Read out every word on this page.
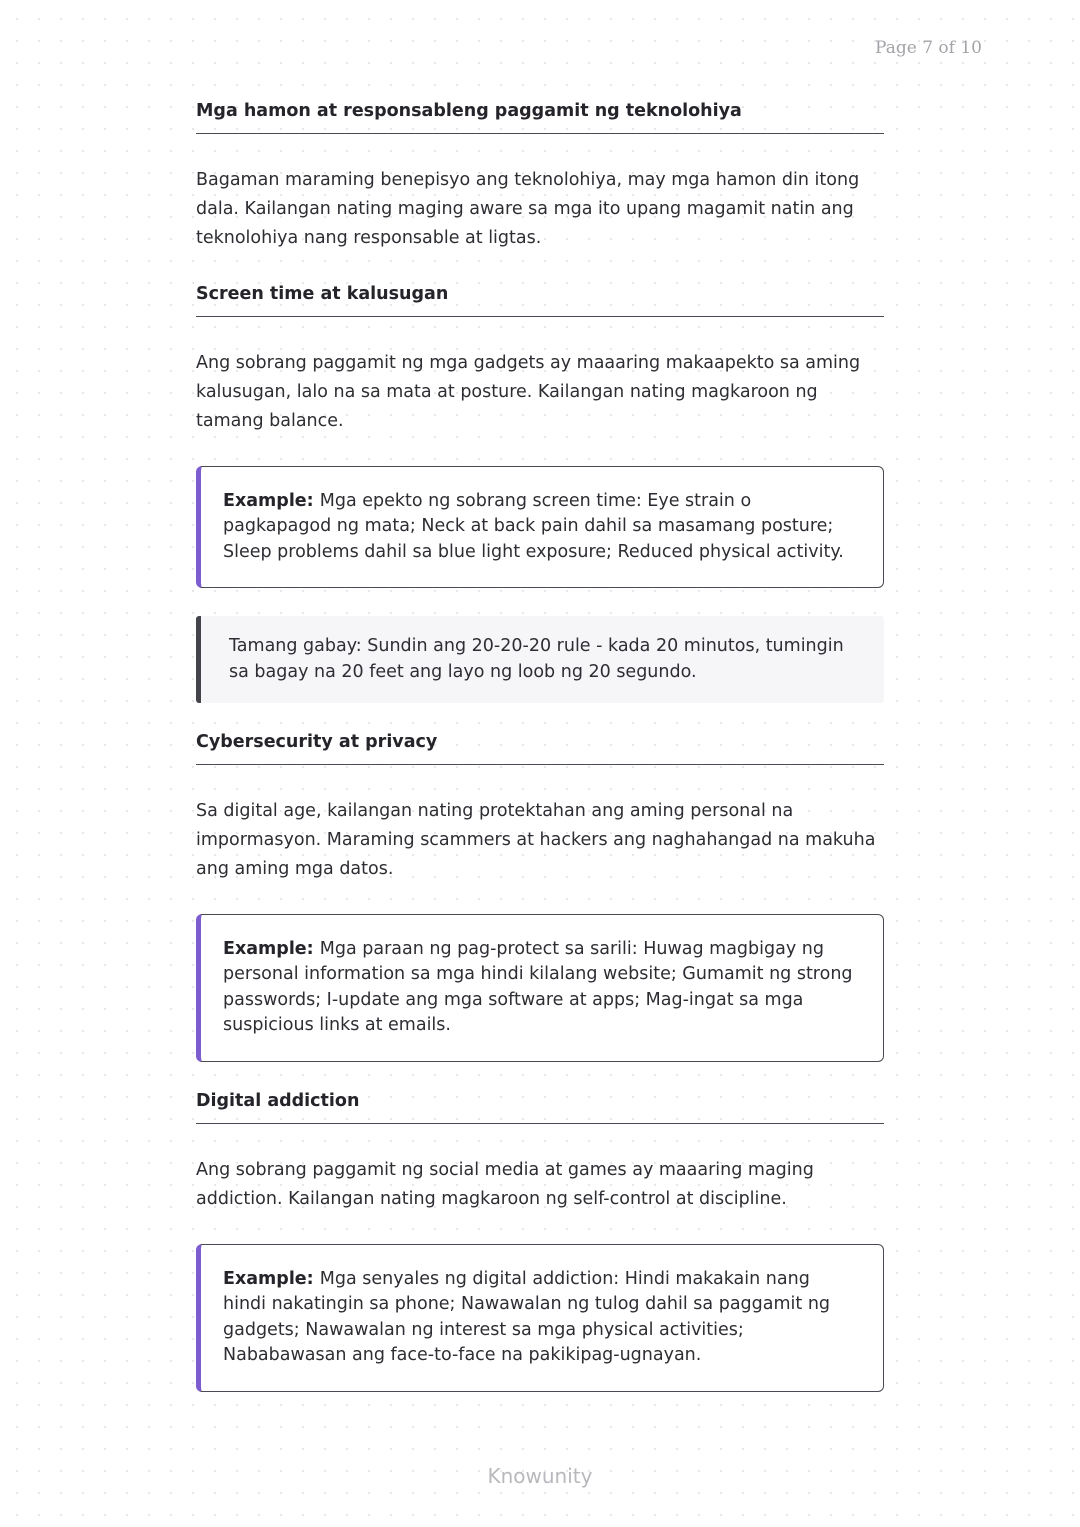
Page 7 of 10
Mga hamon at responsableng paggamit ng teknolohiya

Bagaman maraming benepisyo ang teknolohiya, may mga hamon din itong dala. Kailangan nating maging aware sa mga ito upang magamit natin ang teknolohiya nang responsable at ligtas.

Screen time at kalusugan

Ang sobrang paggamit ng mga gadgets ay maaaring makaapekto sa aming kalusugan, lalo na sa mata at posture. Kailangan nating magkaroon ng tamang balance.

Example: Mga epekto ng sobrang screen time: Eye strain o pagkapagod ng mata; Neck at back pain dahil sa masamang posture; Sleep problems dahil sa blue light exposure; Reduced physical activity.
Tamang gabay: Sundin ang 20-20-20 rule - kada 20 minutos, tumingin sa bagay na 20 feet ang layo ng loob ng 20 segundo.
Cybersecurity at privacy

Sa digital age, kailangan nating protektahan ang aming personal na impormasyon. Maraming scammers at hackers ang naghahangad na makuha ang aming mga datos.

Example: Mga paraan ng pag-protect sa sarili: Huwag magbigay ng personal information sa mga hindi kilalang website; Gumamit ng strong passwords; I-update ang mga software at apps; Mag-ingat sa mga suspicious links at emails.
Digital addiction

Ang sobrang paggamit ng social media at games ay maaaring maging addiction. Kailangan nating magkaroon ng self-control at discipline.

Example: Mga senyales ng digital addiction: Hindi makakain nang hindi nakatingin sa phone; Nawawalan ng tulog dahil sa paggamit ng gadgets; Nawawalan ng interest sa mga physical activities; Nababawasan ang face-to-face na pakikipag-ugnayan.
Knowunity
